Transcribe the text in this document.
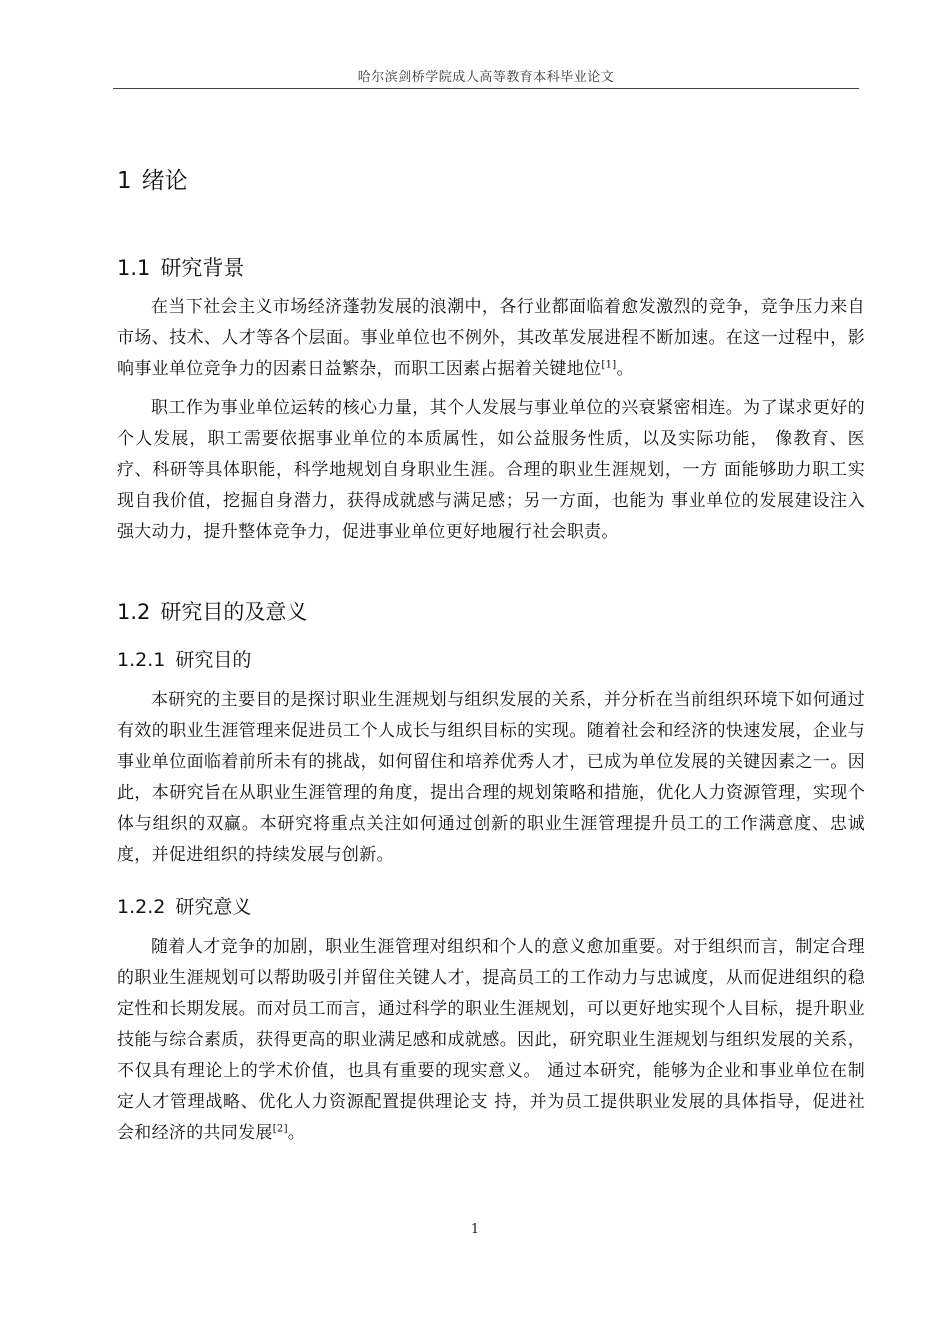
哈尔滨剑桥学院成人高等教育本科毕业论文
1 绪论
1.1 研究背景

在当下社会主义市场经济蓬勃发展的浪潮中，各行业都面临着愈发激烈的竞争，竞争压力来自市场、技术、人才等各个层面。事业单位也不例外，其改革发展进程不断加速。在这一过程中，影响事业单位竞争力的因素日益繁杂，而职工因素占据着关键地位[1]。

职工作为事业单位运转的核心力量，其个人发展与事业单位的兴衰紧密相连。为了谋求更好的个人发展，职工需要依据事业单位的本质属性，如公益服务性质，以及实际功能， 像教育、医疗、科研等具体职能，科学地规划自身职业生涯。合理的职业生涯规划，一方 面能够助力职工实现自我价值，挖掘自身潜力，获得成就感与满足感；另一方面，也能为 事业单位的发展建设注入强大动力，提升整体竞争力，促进事业单位更好地履行社会职责。

1.2 研究目的及意义
1.2.1 研究目的

本研究的主要目的是探讨职业生涯规划与组织发展的关系，并分析在当前组织环境下如何通过有效的职业生涯管理来促进员工个人成长与组织目标的实现。随着社会和经济的快速发展，企业与事业单位面临着前所未有的挑战，如何留住和培养优秀人才，已成为单位发展的关键因素之一。因此，本研究旨在从职业生涯管理的角度，提出合理的规划策略和措施，优化人力资源管理，实现个体与组织的双赢。本研究将重点关注如何通过创新的职业生涯管理提升员工的工作满意度、忠诚度，并促进组织的持续发展与创新。

1.2.2 研究意义

随着人才竞争的加剧，职业生涯管理对组织和个人的意义愈加重要。对于组织而言，制定合理的职业生涯规划可以帮助吸引并留住关键人才，提高员工的工作动力与忠诚度，从而促进组织的稳定性和长期发展。而对员工而言，通过科学的职业生涯规划，可以更好地实现个人目标，提升职业技能与综合素质，获得更高的职业满足感和成就感。因此，研究职业生涯规划与组织发展的关系，不仅具有理论上的学术价值，也具有重要的现实意义。 通过本研究，能够为企业和事业单位在制定人才管理战略、优化人力资源配置提供理论支 持，并为员工提供职业发展的具体指导，促进社会和经济的共同发展[2]。

1
